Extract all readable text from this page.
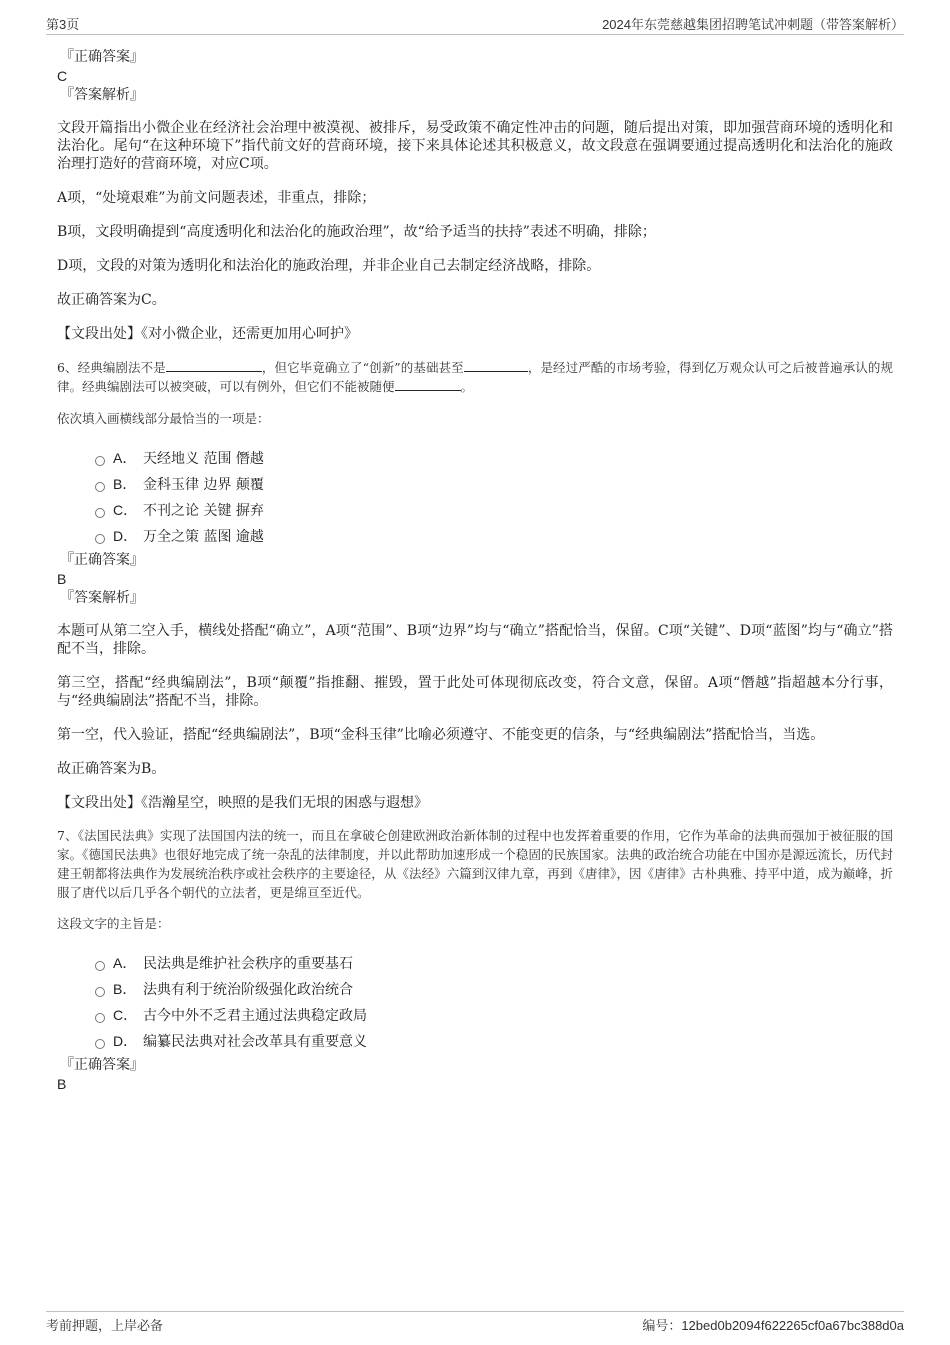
第3页	2024年东莞慈越集团招聘笔试冲刺题（带答案解析）
『正确答案』
C
『答案解析』

文段开篇指出小微企业在经济社会治理中被漠视、被排斥，易受政策不确定性冲击的问题，随后提出对策，即加强营商环境的透明化和法治化。尾句“在这种环境下”指代前文好的营商环境，接下来具体论述其积极意义，故文段意在强调要通过提高透明化和法治化的施政治理打造好的营商环境，对应C项。

A项，“处境艰难”为前文问题表述，非重点，排除；

B项，文段明确提到“高度透明化和法治化的施政治理”，故“给予适当的扶持”表述不明确，排除；

D项，文段的对策为透明化和法治化的施政治理，并非企业自己去制定经济战略，排除。

故正确答案为C。

【文段出处】《对小微企业，还需更加用心呵护》
6、经典编剧法不是	，但它毕竟确立了“创新”的基础甚至	，是经过严酷的市场考验，得到亿万观众认可之后被普遍承认的规律。经典编剧法可以被突破，可以有例外，但它们不能被随便	。
依次填入画横线部分最恰当的一项是：
A． 天经地义 范围 僭越
B． 金科玉律 边界 颠覆
C． 不刊之论 关键 摒弃
D． 万全之策 蓝图 逾越
『正确答案』
B
『答案解析』

本题可从第二空入手，横线处搭配“确立”，A项“范围”、B项“边界”均与“确立”搭配恰当，保留。C项“关键”、D项“蓝图”均与“确立”搭配不当，排除。

第三空，搭配“经典编剧法”，B项“颠覆”指推翻、摧毁，置于此处可体现彻底改变，符合文意，保留。A项“僭越”指超越本分行事，与“经典编剧法”搭配不当，排除。

第一空，代入验证，搭配“经典编剧法”，B项“金科玉律”比喻必须遵守、不能变更的信条，与“经典编剧法”搭配恰当，当选。

故正确答案为B。

【文段出处】《浩瀚星空，映照的是我们无垠的困惑与遐想》
7、《法国民法典》实现了法国国内法的统一，而且在拿破仑创建欧洲政治新体制的过程中也发挥着重要的作用，它作为革命的法典而强加于被征服的国家。《德国民法典》也很好地完成了统一杂乱的法律制度，并以此帮助加速形成一个稳固的民族国家。法典的政治统合功能在中国亦是源远流长，历代封建王朝都将法典作为发展统治秩序或社会秩序的主要途径，从《法经》六篇到汉律九章，再到《唐律》，因《唐律》古朴典雅、持平中道，成为巅峰，折服了唐代以后几乎各个朝代的立法者，更是绵亘至近代。
这段文字的主旨是：
A． 民法典是维护社会秩序的重要基石
B． 法典有利于统治阶级强化政治统合
C． 古今中外不乏君主通过法典稳定政局
D． 编纂民法典对社会改革具有重要意义
『正确答案』
B
考前押题，上岸必备	编号：12bed0b2094f622265cf0a67bc388d0a
